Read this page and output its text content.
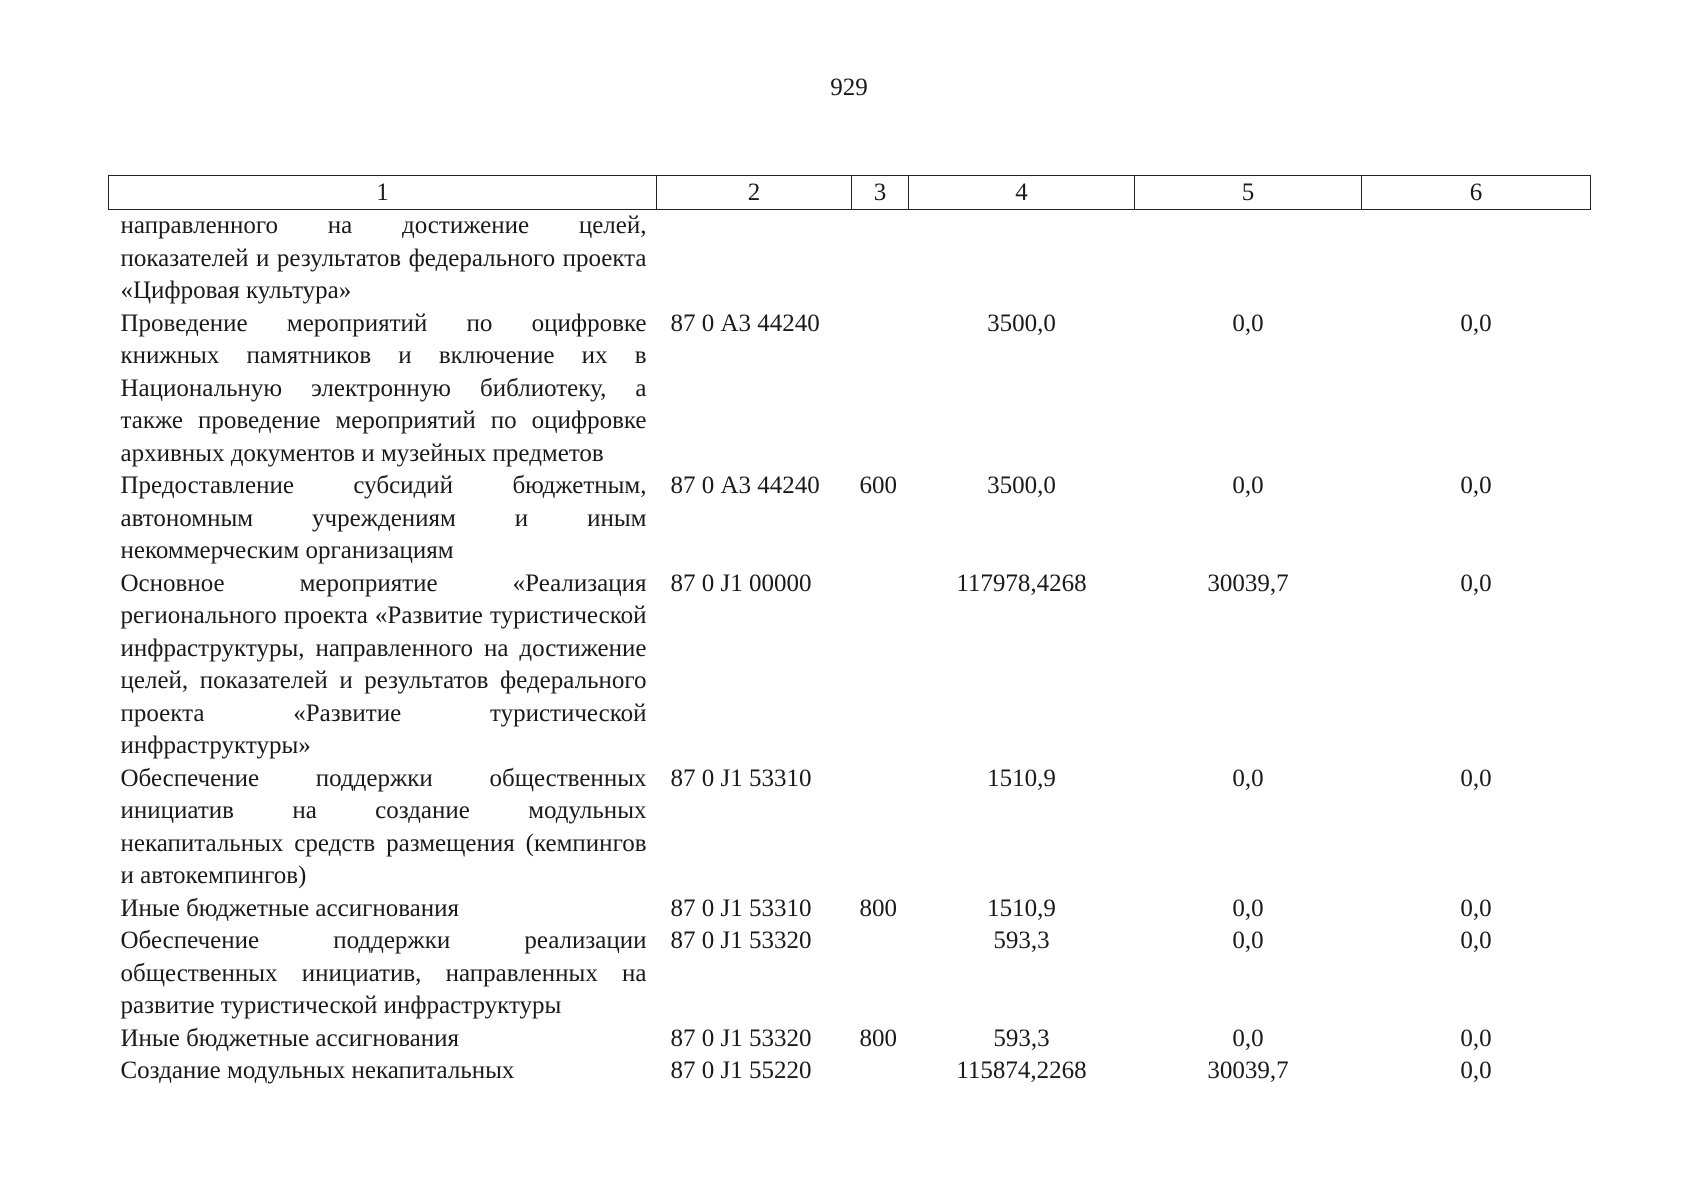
929
1	2	3	4	5	6
направленного на достижение целей, показателей и результатов федерального проекта «Цифровая культура»					
Проведение мероприятий по оцифровке книжных памятников и включение их в Национальную электронную библиотеку, а также проведение мероприятий по оцифровке архивных документов и музейных предметов	87 0 А3 44240		3500,0	0,0	0,0
Предоставление субсидий бюджетным, автономным учреждениям и иным некоммерческим организациям	87 0 А3 44240	600	3500,0	0,0	0,0
Основное мероприятие «Реализация регионального проекта «Развитие туристической инфраструктуры, направленного на достижение целей, показателей и результатов федерального проекта «Развитие туристической инфраструктуры»	87 0 J1 00000		117978,4268	30039,7	0,0
Обеспечение поддержки общественных инициатив на создание модульных некапитальных средств размещения (кемпингов и автокемпингов)	87 0 J1 53310		1510,9	0,0	0,0
Иные бюджетные ассигнования	87 0 J1 53310	800	1510,9	0,0	0,0
Обеспечение поддержки реализации общественных инициатив, направленных на развитие туристической инфраструктуры	87 0 J1 53320		593,3	0,0	0,0
Иные бюджетные ассигнования	87 0 J1 53320	800	593,3	0,0	0,0
Создание модульных некапитальных	87 0 J1 55220		115874,2268	30039,7	0,0
